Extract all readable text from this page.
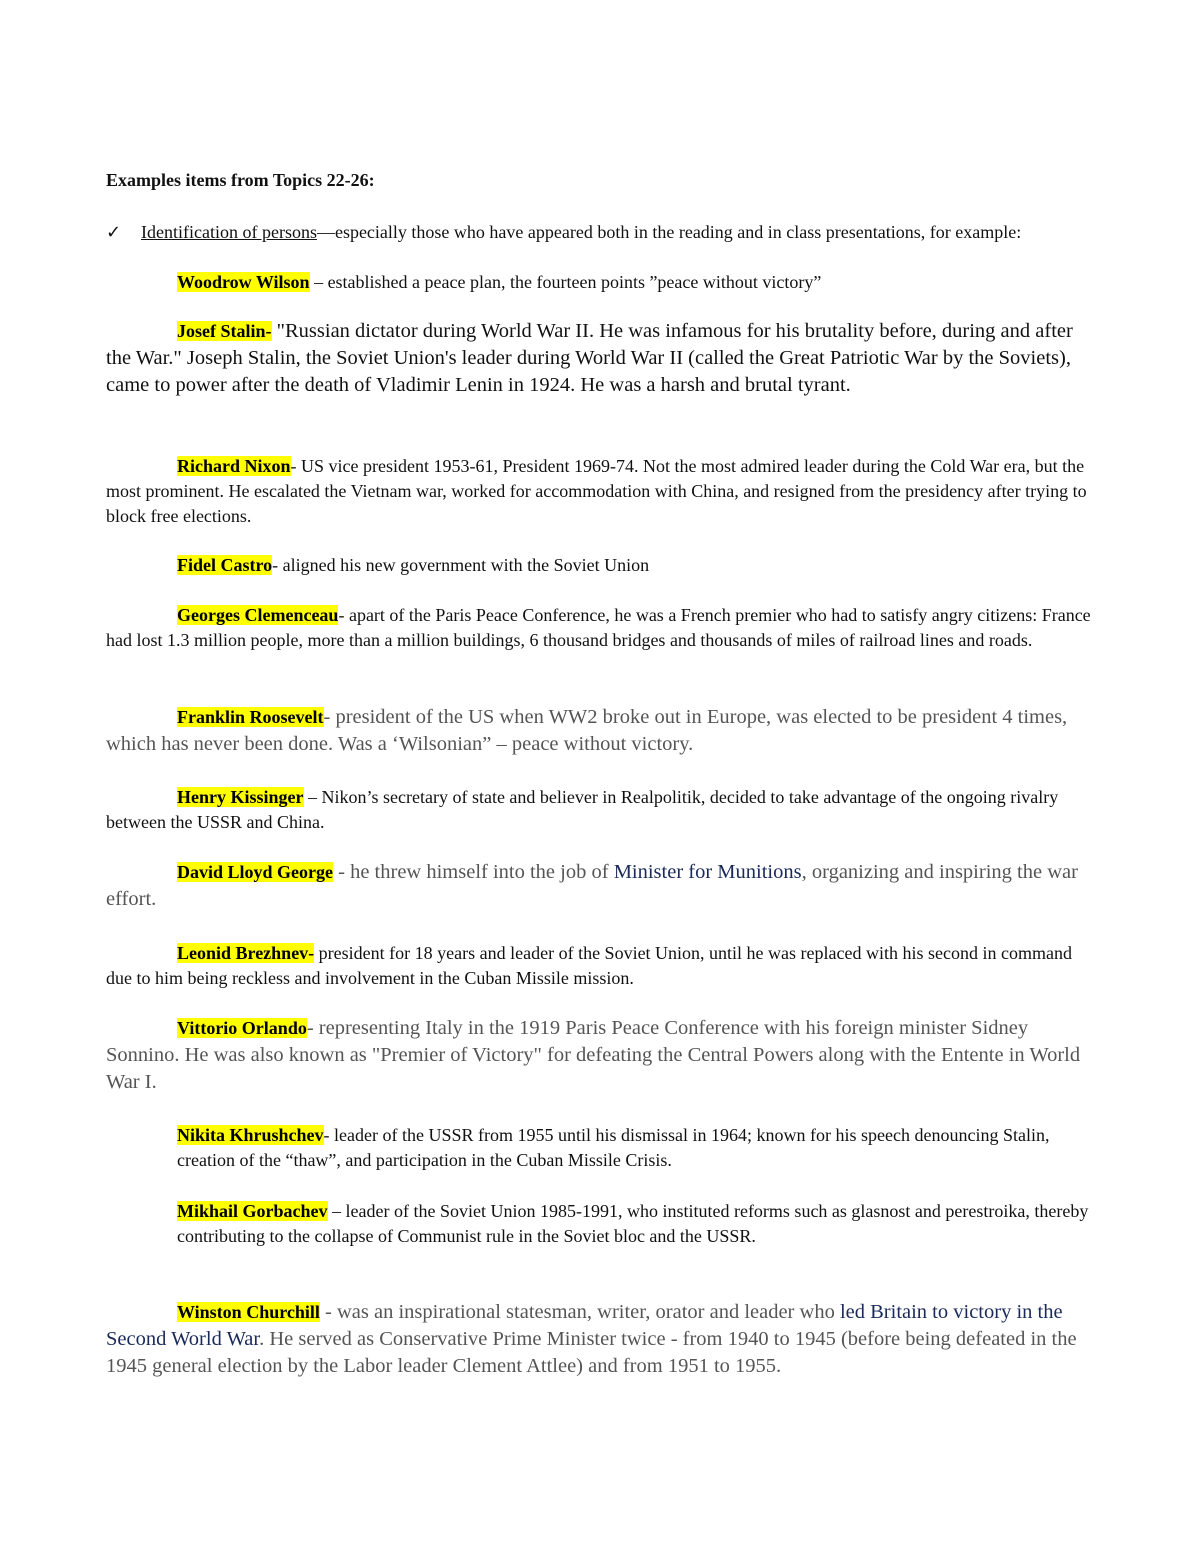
Examples items from Topics 22-26:
✓ Identification of persons—especially those who have appeared both in the reading and in class presentations, for example:
Woodrow Wilson – established a peace plan, the fourteen points ”peace without victory”
Josef Stalin- "Russian dictator during World War II. He was infamous for his brutality before, during and after the War." Joseph Stalin, the Soviet Union's leader during World War II (called the Great Patriotic War by the Soviets), came to power after the death of Vladimir Lenin in 1924. He was a harsh and brutal tyrant.
Richard Nixon- US vice president 1953-61, President 1969-74. Not the most admired leader during the Cold War era, but the most prominent. He escalated the Vietnam war, worked for accommodation with China, and resigned from the presidency after trying to block free elections.
Fidel Castro- aligned his new government with the Soviet Union
Georges Clemenceau- apart of the Paris Peace Conference, he was a French premier who had to satisfy angry citizens: France had lost 1.3 million people, more than a million buildings, 6 thousand bridges and thousands of miles of railroad lines and roads.
Franklin Roosevelt- president of the US when WW2 broke out in Europe, was elected to be president 4 times, which has never been done. Was a ‘Wilsonian” – peace without victory.
Henry Kissinger – Nikon’s secretary of state and believer in Realpolitik, decided to take advantage of the ongoing rivalry between the USSR and China.
David Lloyd George - he threw himself into the job of Minister for Munitions, organizing and inspiring the war effort.
Leonid Brezhnev- president for 18 years and leader of the Soviet Union, until he was replaced with his second in command due to him being reckless and involvement in the Cuban Missile mission.
Vittorio Orlando- representing Italy in the 1919 Paris Peace Conference with his foreign minister Sidney Sonnino. He was also known as "Premier of Victory" for defeating the Central Powers along with the Entente in World War I.
Nikita Khrushchev- leader of the USSR from 1955 until his dismissal in 1964; known for his speech denouncing Stalin, creation of the “thaw”, and participation in the Cuban Missile Crisis.
Mikhail Gorbachev – leader of the Soviet Union 1985-1991, who instituted reforms such as glasnost and perestroika, thereby contributing to the collapse of Communist rule in the Soviet bloc and the USSR.
Winston Churchill - was an inspirational statesman, writer, orator and leader who led Britain to victory in the Second World War. He served as Conservative Prime Minister twice - from 1940 to 1945 (before being defeated in the 1945 general election by the Labor leader Clement Attlee) and from 1951 to 1955.
